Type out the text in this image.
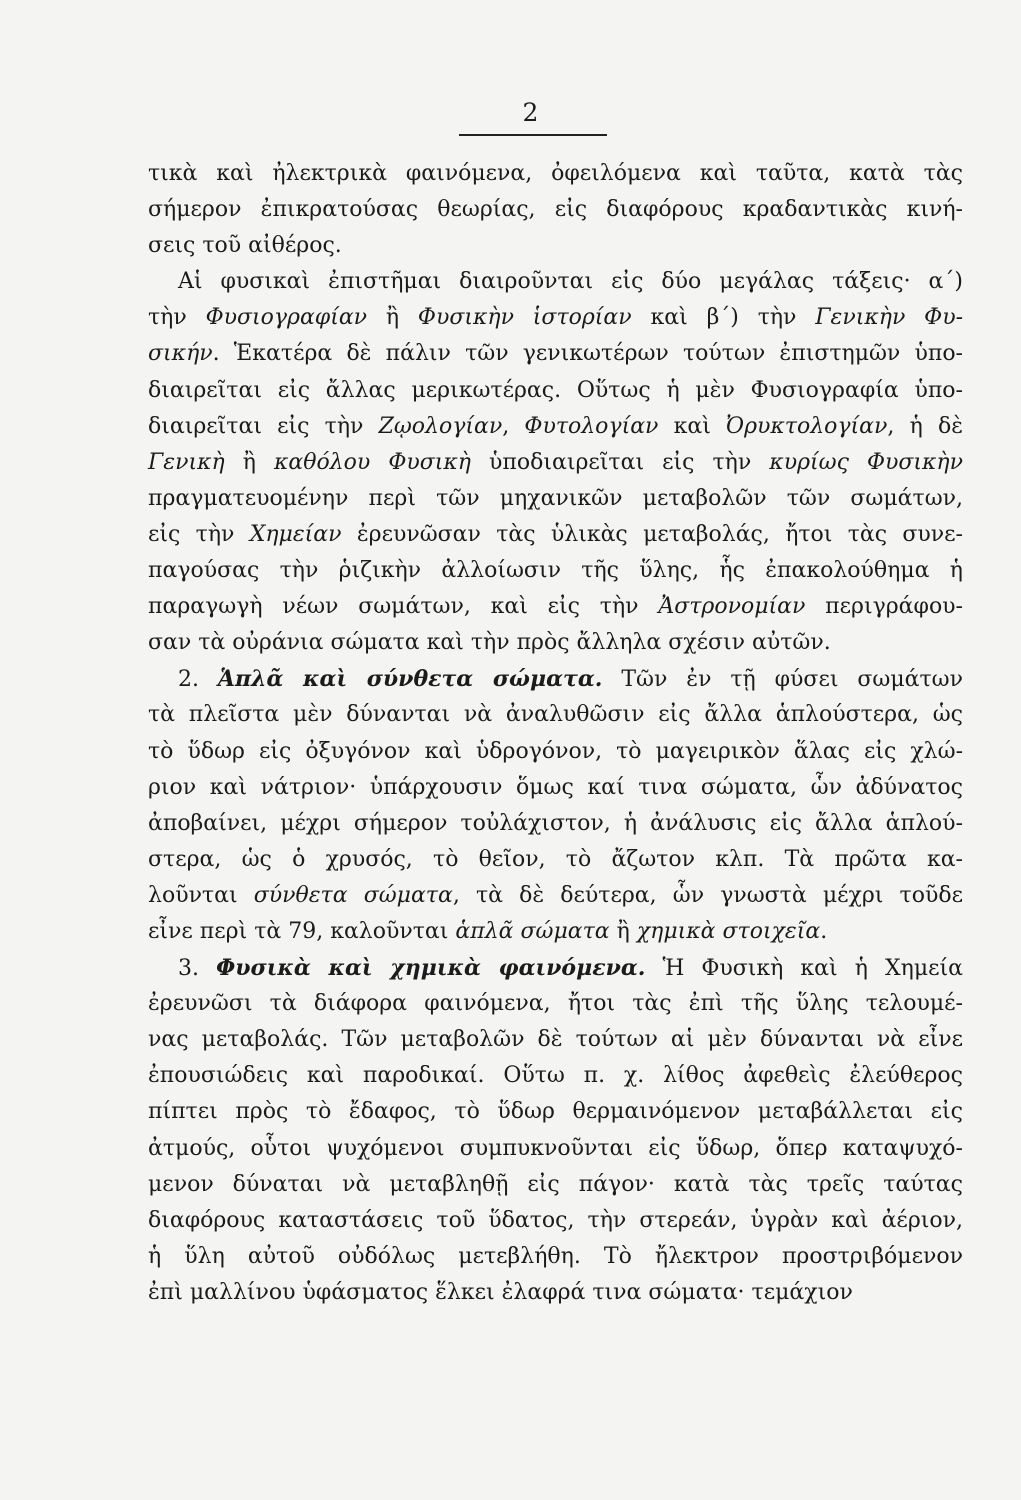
2
τικὰ καὶ ἠλεκτρικὰ φαινόμενα, ὀφειλόμενα καὶ ταῦτα, κατὰ τὰς
σήμερον ἐπικρατούσας θεωρίας, εἰς διαφόρους κραδαντικὰς κινή-
σεις τοῦ αἰθέρος.
Αἱ φυσικαὶ ἐπιστῆμαι διαιροῦνται εἰς δύο μεγάλας τάξεις· α΄)
τὴν Φυσιογραφίαν ἢ Φυσικὴν ἱστορίαν καὶ β΄) τὴν Γενικὴν Φυ-
σικήν. Ἑκατέρα δὲ πάλιν τῶν γενικωτέρων τούτων ἐπιστημῶν ὑπο-
διαιρεῖται εἰς ἄλλας μερικωτέρας. Οὕτως ἡ μὲν Φυσιογραφία ὑπο-
διαιρεῖται εἰς τὴν Ζῳολογίαν, Φυτολογίαν καὶ Ὀρυκτολογίαν, ἡ δὲ
Γενικὴ ἢ καθόλου Φυσικὴ ὑποδιαιρεῖται εἰς τὴν κυρίως Φυσικὴν
πραγματευομένην περὶ τῶν μηχανικῶν μεταβολῶν τῶν σωμάτων,
εἰς τὴν Χημείαν ἐρευνῶσαν τὰς ὑλικὰς μεταβολάς, ἤτοι τὰς συνε-
παγούσας τὴν ῥιζικὴν ἀλλοίωσιν τῆς ὕλης, ἧς ἐπακολούθημα ἡ
παραγωγὴ νέων σωμάτων, καὶ εἰς τὴν Ἀστρονομίαν περιγράφου-
σαν τὰ οὐράνια σώματα καὶ τὴν πρὸς ἄλληλα σχέσιν αὐτῶν.
2. Ἁπλᾶ καὶ σύνθετα σώματα. Τῶν ἐν τῇ φύσει σωμάτων
τὰ πλεῖστα μὲν δύνανται νὰ ἀναλυθῶσιν εἰς ἄλλα ἁπλούστερα, ὡς
τὸ ὕδωρ εἰς ὀξυγόνον καὶ ὑδρογόνον, τὸ μαγειρικὸν ἅλας εἰς χλώ-
ριον καὶ νάτριον· ὑπάρχουσιν ὅμως καί τινα σώματα, ὧν ἀδύνατος
ἀποβαίνει, μέχρι σήμερον τοὐλάχιστον, ἡ ἀνάλυσις εἰς ἄλλα ἁπλού-
στερα, ὡς ὁ χρυσός, τὸ θεῖον, τὸ ἄζωτον κλπ. Τὰ πρῶτα κα-
λοῦνται σύνθετα σώματα, τὰ δὲ δεύτερα, ὧν γνωστὰ μέχρι τοῦδε
εἶνε περὶ τὰ 79, καλοῦνται ἁπλᾶ σώματα ἢ χημικὰ στοιχεῖα.
3. Φυσικὰ καὶ χημικὰ φαινόμενα. Ἡ Φυσικὴ καὶ ἡ Χημεία
ἐρευνῶσι τὰ διάφορα φαινόμενα, ἤτοι τὰς ἐπὶ τῆς ὕλης τελουμέ-
νας μεταβολάς. Τῶν μεταβολῶν δὲ τούτων αἱ μὲν δύνανται νὰ εἶνε
ἐπουσιώδεις καὶ παροδικαί. Οὕτω π. χ. λίθος ἀφεθεὶς ἐλεύθερος
πίπτει πρὸς τὸ ἔδαφος, τὸ ὕδωρ θερμαινόμενον μεταβάλλεται εἰς
ἀτμούς, οὗτοι ψυχόμενοι συμπυκνοῦνται εἰς ὕδωρ, ὅπερ καταψυχό-
μενον δύναται νὰ μεταβληθῇ εἰς πάγον· κατὰ τὰς τρεῖς ταύτας
διαφόρους καταστάσεις τοῦ ὕδατος, τὴν στερεάν, ὑγρὰν καὶ ἀέριον,
ἡ ὕλη αὐτοῦ οὐδόλως μετεβλήθη. Τὸ ἤλεκτρον προστριβόμενον
ἐπὶ μαλλίνου ὑφάσματος ἕλκει ἐλαφρά τινα σώματα· τεμάχιον
